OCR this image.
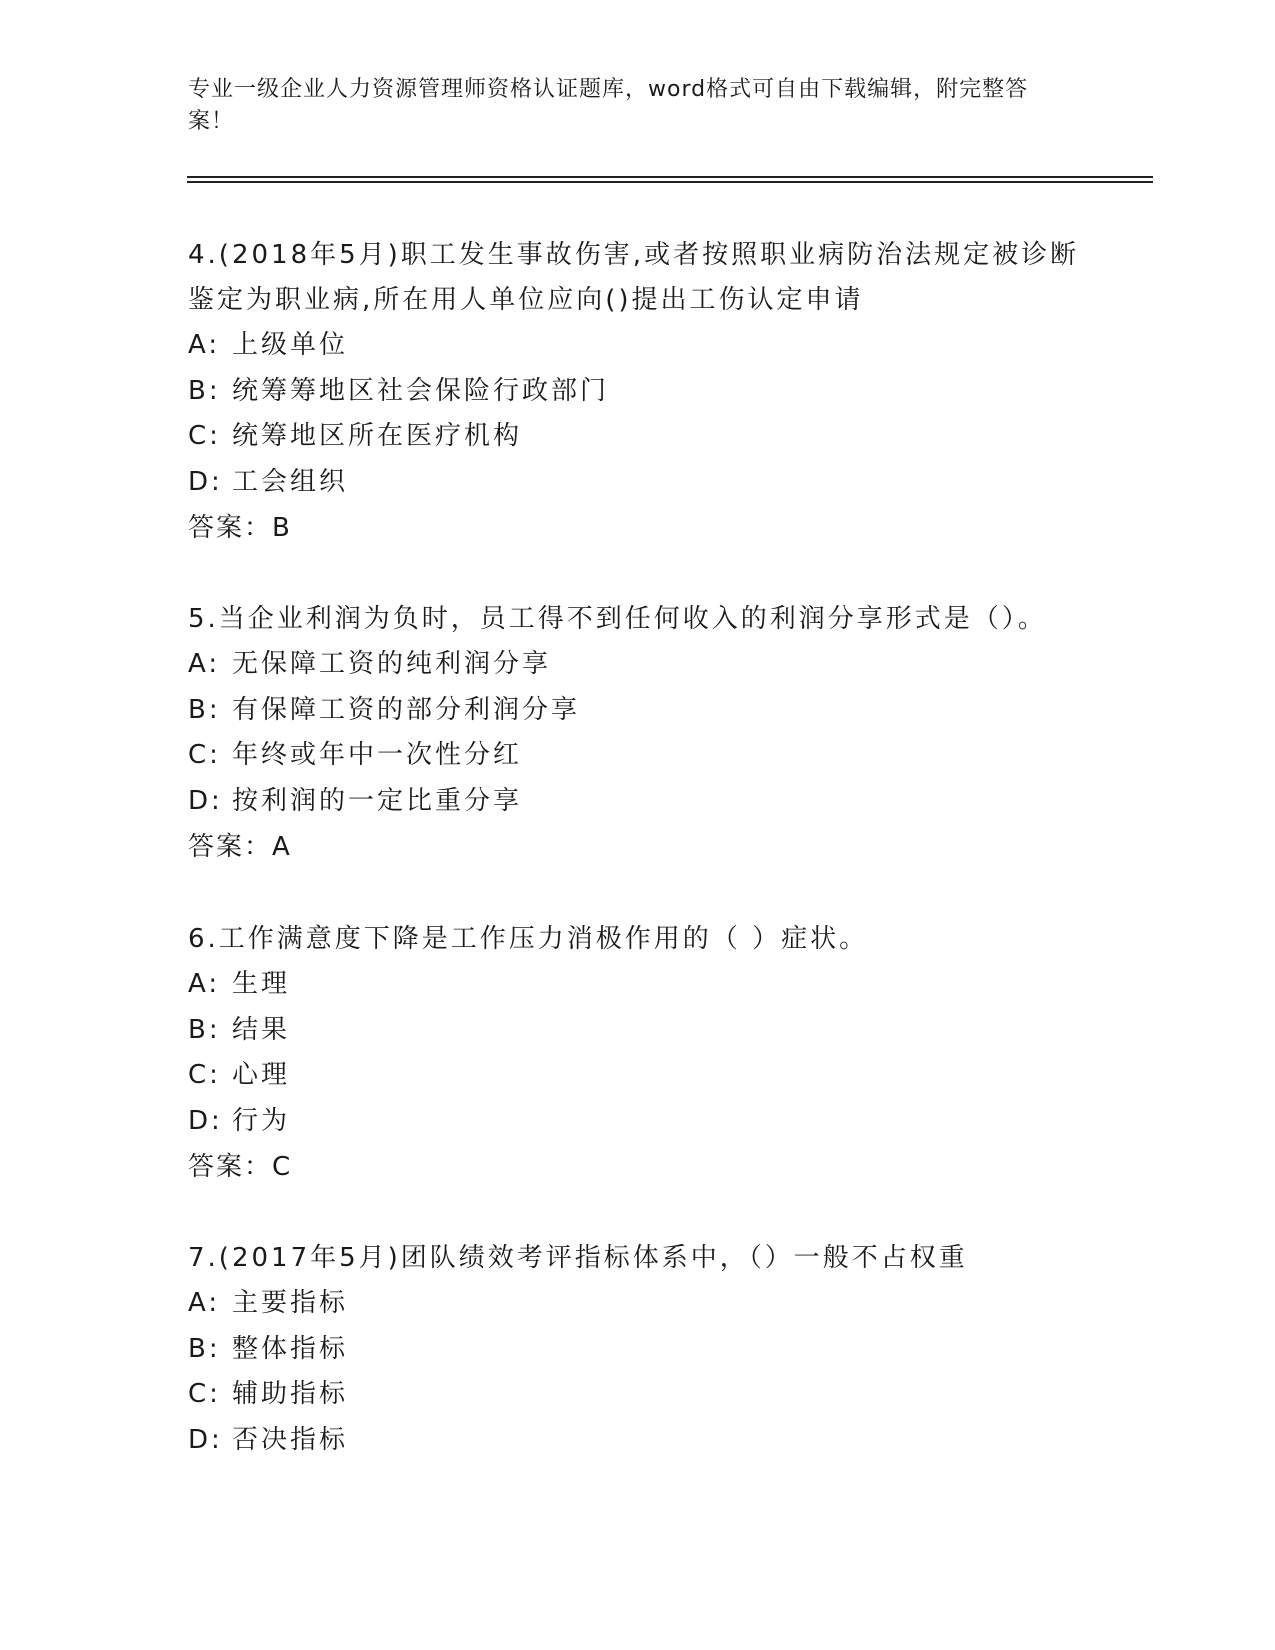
专业一级企业人力资源管理师资格认证题库，word格式可自由下载编辑，附完整答案！

4.(2018年5月)职工发生事故伤害,或者按照职业病防治法规定被诊断鉴定为职业病,所在用人单位应向()提出工伤认定申请

A: 上级单位

B: 统筹筹地区社会保险行政部门

C: 统筹地区所在医疗机构

D: 工会组织

答案：B

5.当企业利润为负时，员工得不到任何收入的利润分享形式是（）。

A: 无保障工资的纯利润分享

B: 有保障工资的部分利润分享

C: 年终或年中一次性分红

D: 按利润的一定比重分享

答案：A

6.工作满意度下降是工作压力消极作用的（ ）症状。

A: 生理

B: 结果

C: 心理

D: 行为

答案：C

7.(2017年5月)团队绩效考评指标体系中，（）一般不占权重

A: 主要指标

B: 整体指标

C: 辅助指标

D: 否决指标
